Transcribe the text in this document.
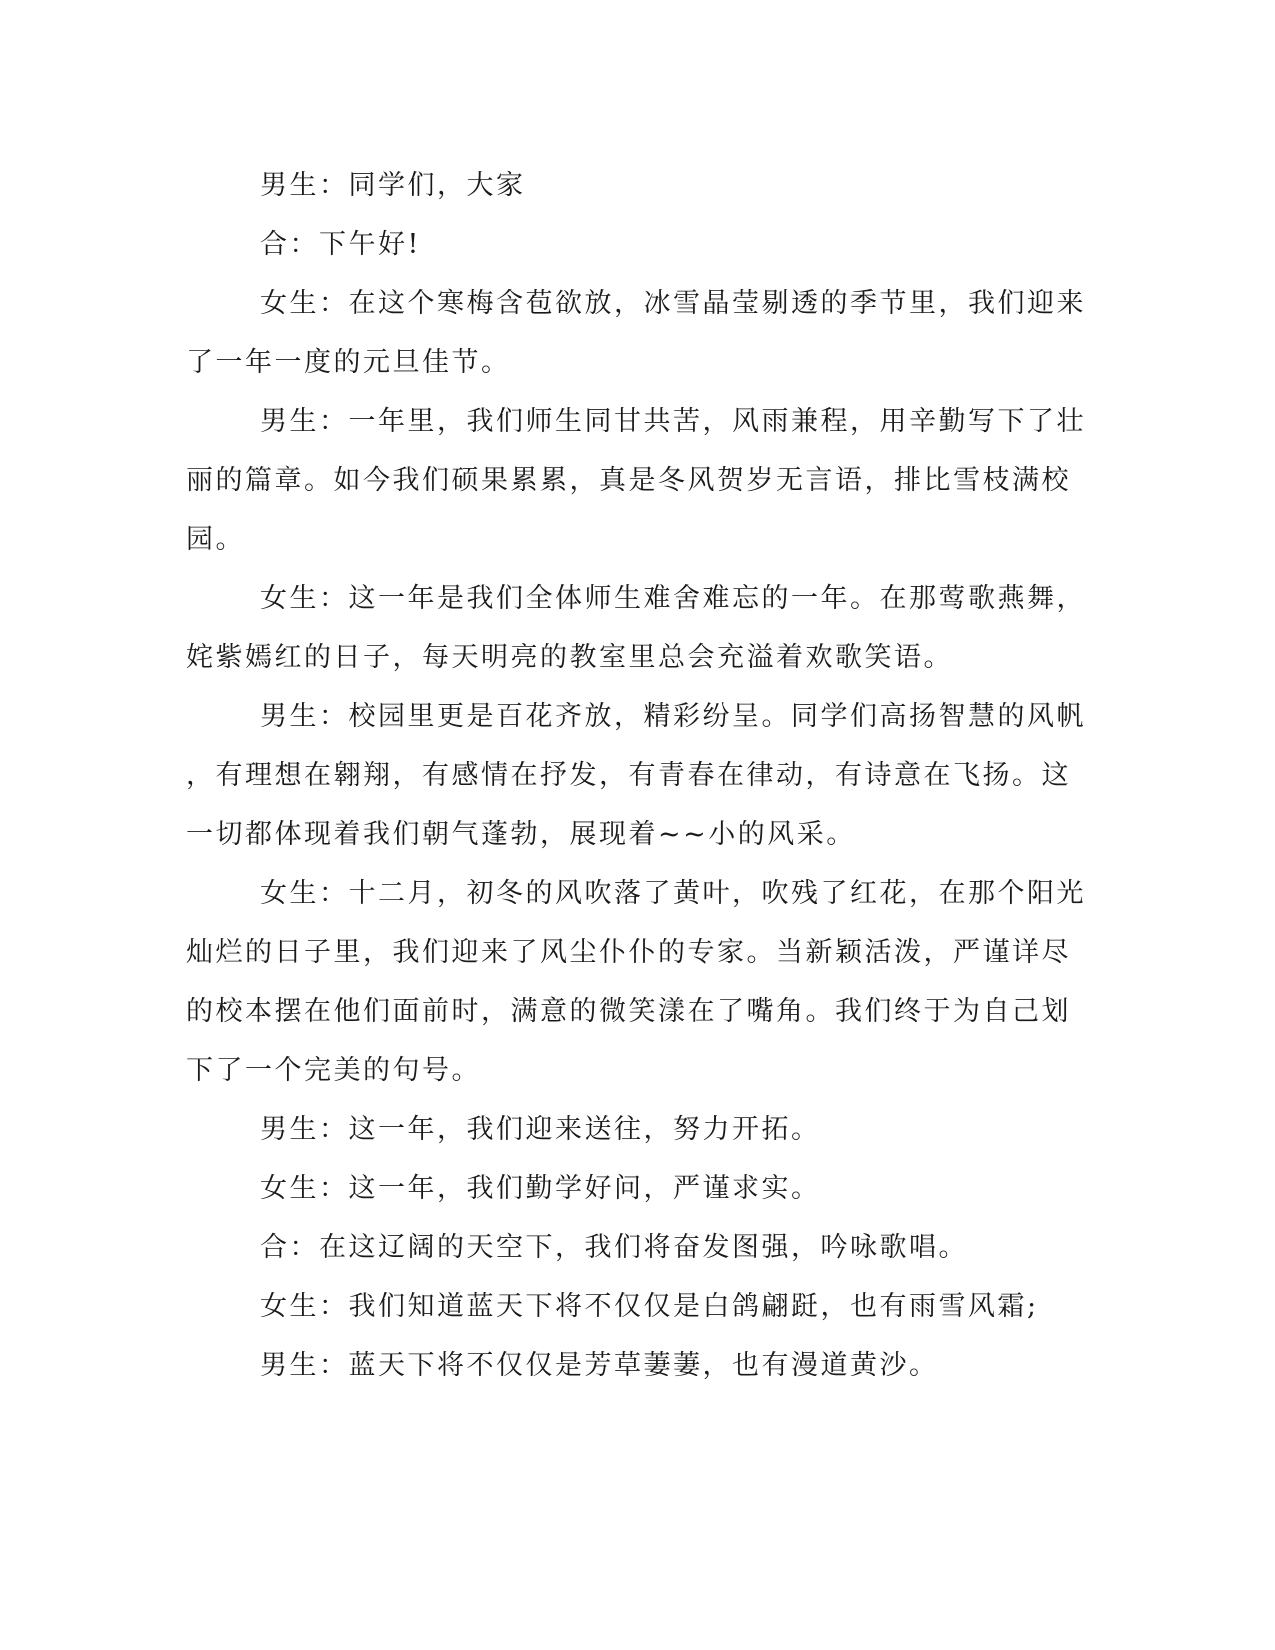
男生：同学们，大家
合：下午好!
女生：在这个寒梅含苞欲放，冰雪晶莹剔透的季节里，我们迎来
了一年一度的元旦佳节。
男生：一年里，我们师生同甘共苦，风雨兼程，用辛勤写下了壮
丽的篇章。如今我们硕果累累，真是冬风贺岁无言语，排比雪枝满校
园。
女生：这一年是我们全体师生难舍难忘的一年。在那莺歌燕舞，
姹紫嫣红的日子，每天明亮的教室里总会充溢着欢歌笑语。
男生：校园里更是百花齐放，精彩纷呈。同学们高扬智慧的风帆
，有理想在翱翔，有感情在抒发，有青春在律动，有诗意在飞扬。这
一切都体现着我们朝气蓬勃，展现着~~小的风采。
女生：十二月，初冬的风吹落了黄叶，吹残了红花，在那个阳光
灿烂的日子里，我们迎来了风尘仆仆的专家。当新颖活泼，严谨详尽
的校本摆在他们面前时，满意的微笑漾在了嘴角。我们终于为自己划
下了一个完美的句号。
男生：这一年，我们迎来送往，努力开拓。
女生：这一年，我们勤学好问，严谨求实。
合：在这辽阔的天空下，我们将奋发图强，吟咏歌唱。
女生：我们知道蓝天下将不仅仅是白鸽翩跹，也有雨雪风霜;
男生：蓝天下将不仅仅是芳草萋萋，也有漫道黄沙。
